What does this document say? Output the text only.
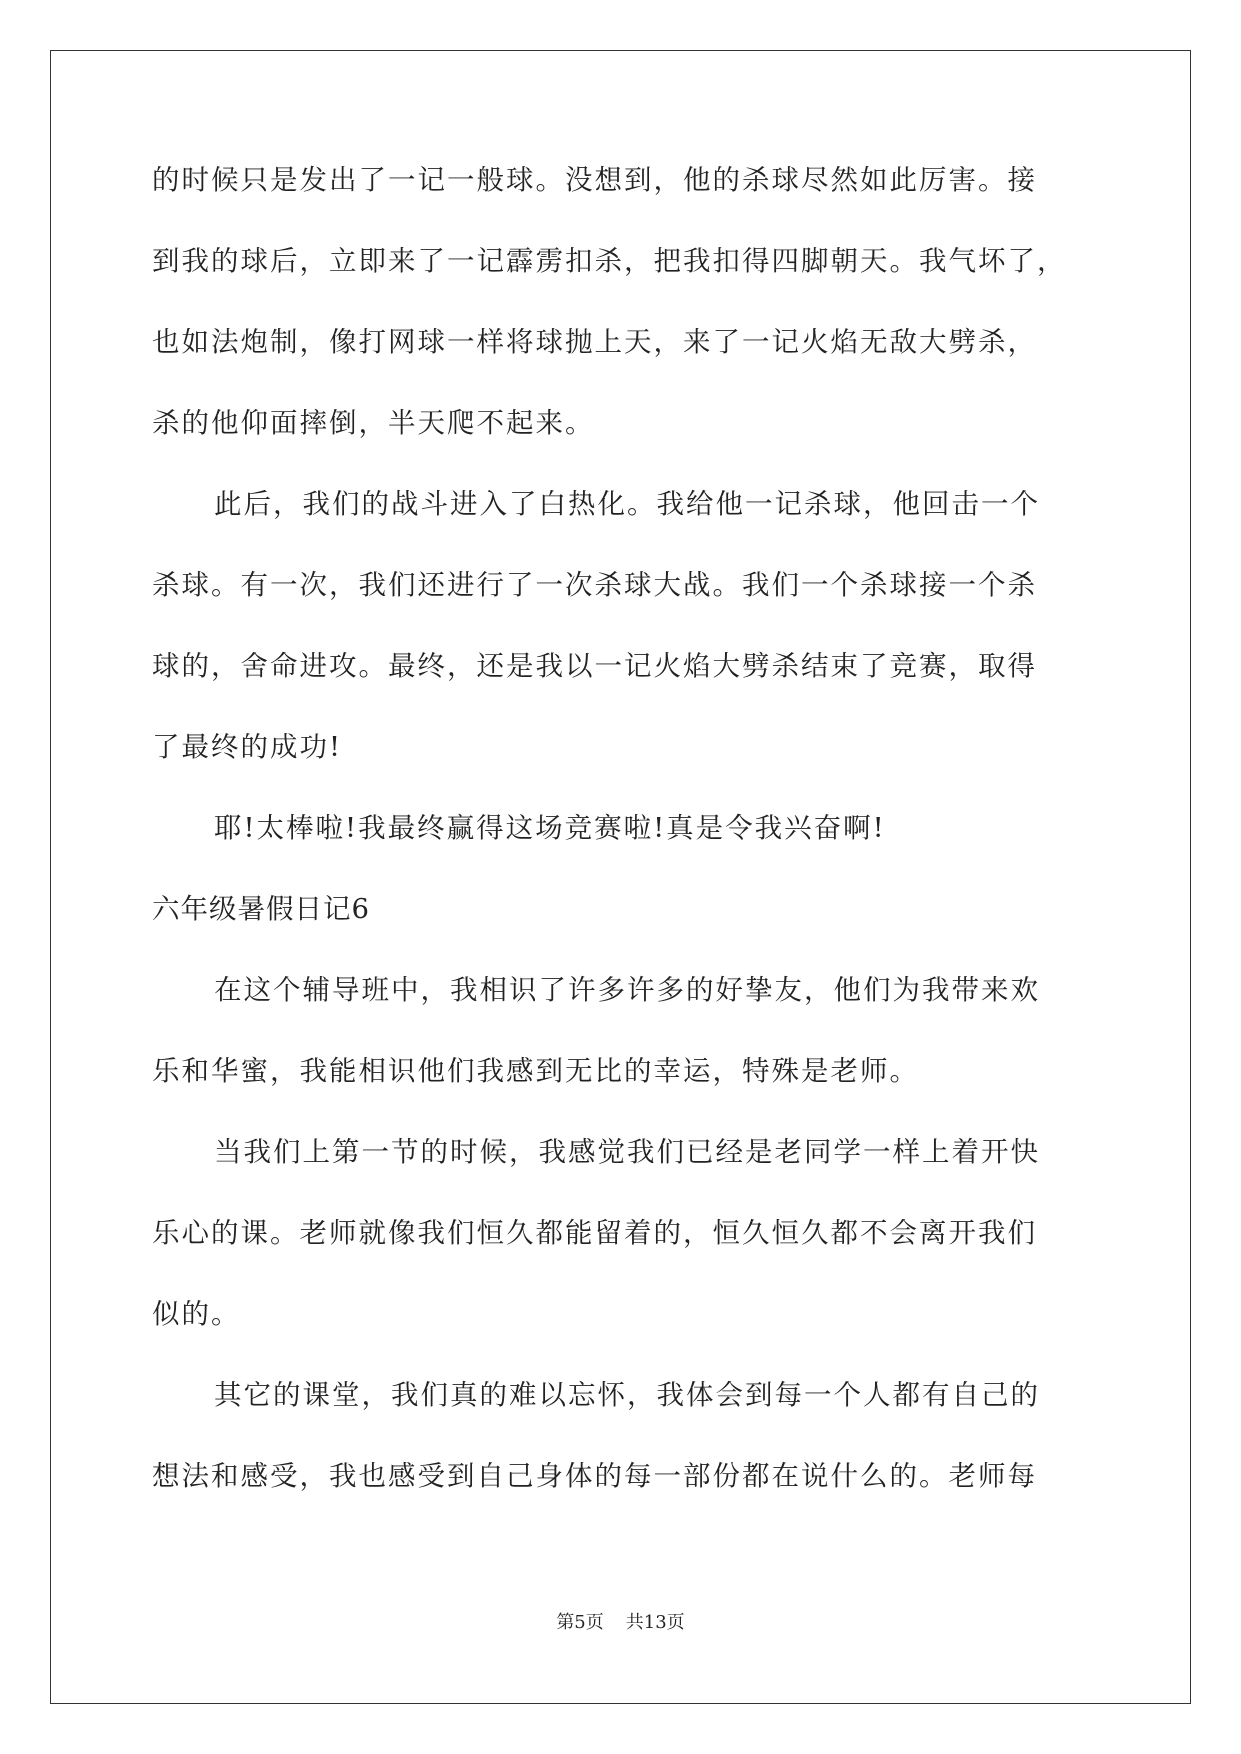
的时候只是发出了一记一般球。没想到，他的杀球尽然如此厉害。接
到我的球后，立即来了一记霹雳扣杀，把我扣得四脚朝天。我气坏了，
也如法炮制，像打网球一样将球抛上天，来了一记火焰无敌大劈杀，
杀的他仰面摔倒，半天爬不起来。
此后，我们的战斗进入了白热化。我给他一记杀球，他回击一个
杀球。有一次，我们还进行了一次杀球大战。我们一个杀球接一个杀
球的，舍命进攻。最终，还是我以一记火焰大劈杀结束了竞赛，取得
了最终的成功!
耶!太棒啦!我最终赢得这场竞赛啦!真是令我兴奋啊!
六年级暑假日记6
在这个辅导班中，我相识了许多许多的好挚友，他们为我带来欢
乐和华蜜，我能相识他们我感到无比的幸运，特殊是老师。
当我们上第一节的时候，我感觉我们已经是老同学一样上着开快
乐心的课。老师就像我们恒久都能留着的，恒久恒久都不会离开我们
似的。
其它的课堂，我们真的难以忘怀，我体会到每一个人都有自己的
想法和感受，我也感受到自己身体的每一部份都在说什么的。老师每
第5页 共13页
